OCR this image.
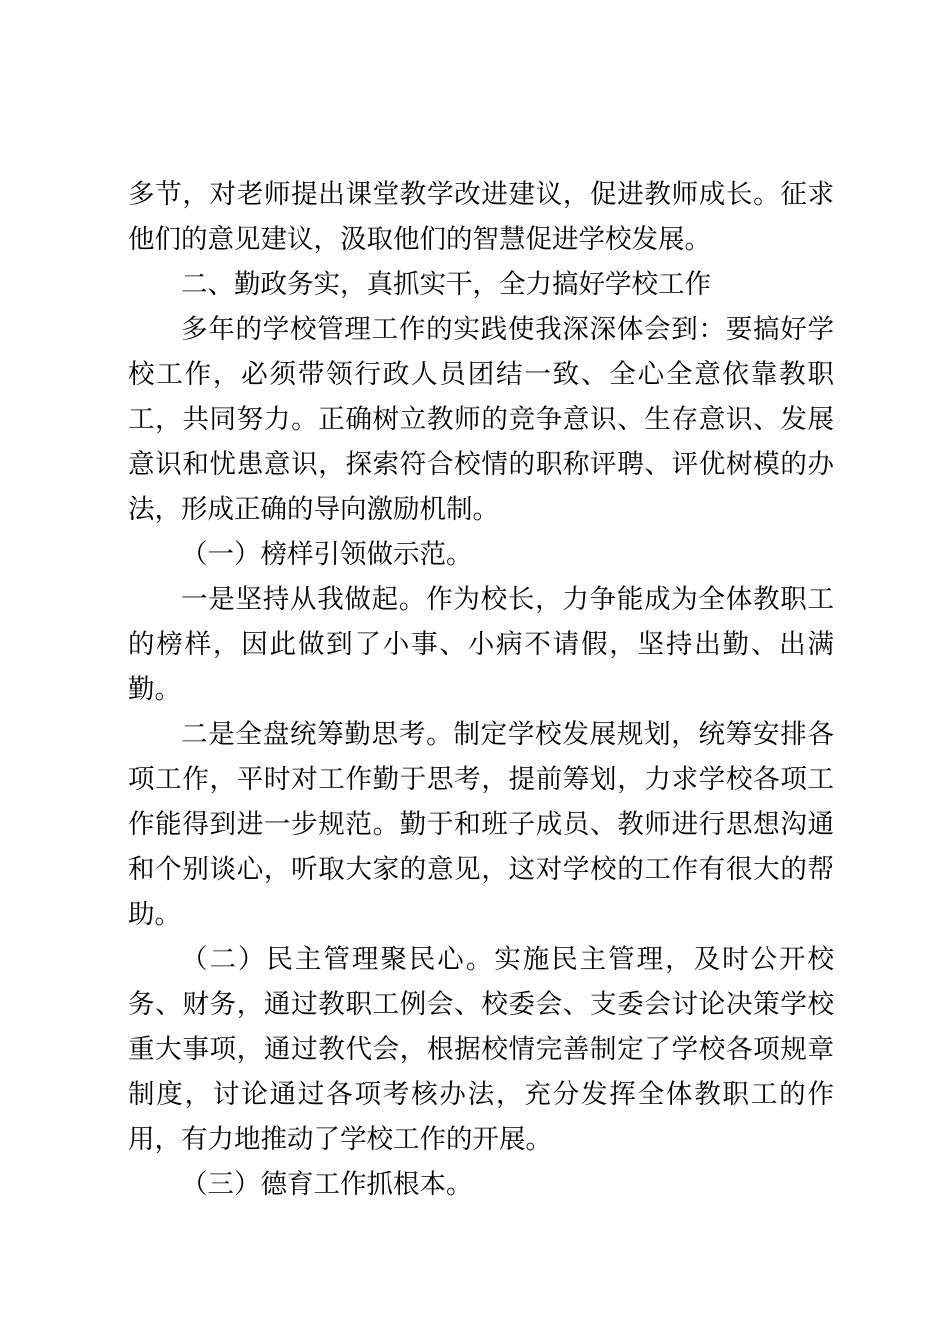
多节，对老师提出课堂教学改进建议，促进教师成长。征求他们的意见建议，汲取他们的智慧促进学校发展。

二、勤政务实，真抓实干，全力搞好学校工作

多年的学校管理工作的实践使我深深体会到：要搞好学校工作，必须带领行政人员团结一致、全心全意依靠教职工，共同努力。正确树立教师的竞争意识、生存意识、发展意识和忧患意识，探索符合校情的职称评聘、评优树模的办法，形成正确的导向激励机制。

（一）榜样引领做示范。

一是坚持从我做起。作为校长，力争能成为全体教职工的榜样，因此做到了小事、小病不请假，坚持出勤、出满勤。

二是全盘统筹勤思考。制定学校发展规划，统筹安排各项工作，平时对工作勤于思考，提前筹划，力求学校各项工作能得到进一步规范。勤于和班子成员、教师进行思想沟通和个别谈心，听取大家的意见，这对学校的工作有很大的帮助。

（二）民主管理聚民心。实施民主管理，及时公开校务、财务，通过教职工例会、校委会、支委会讨论决策学校重大事项，通过教代会，根据校情完善制定了学校各项规章制度，讨论通过各项考核办法，充分发挥全体教职工的作用，有力地推动了学校工作的开展。

（三）德育工作抓根本。
